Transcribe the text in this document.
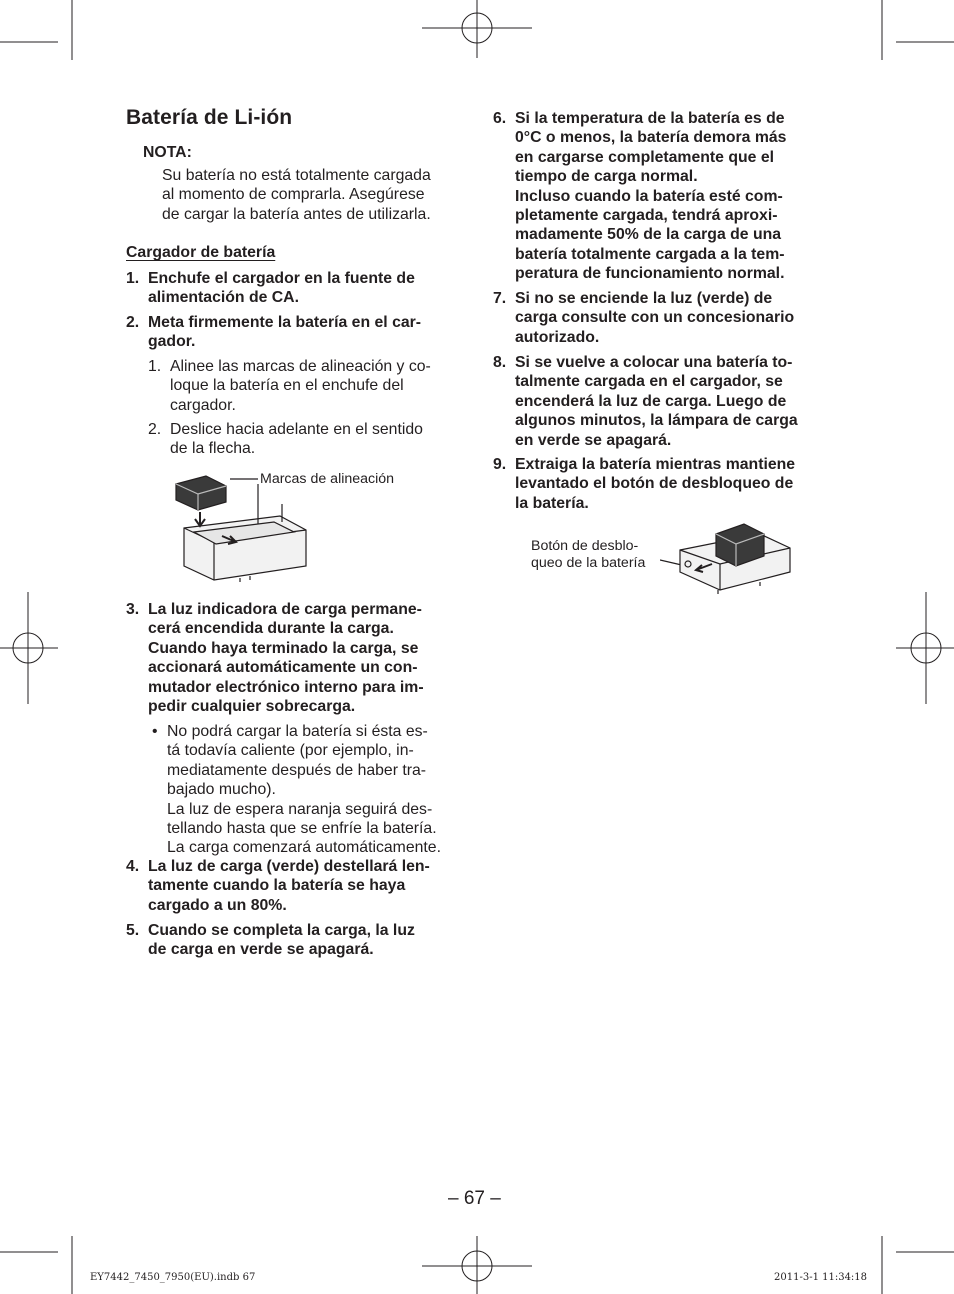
Batería de Li-ión
NOTA:
Su batería no está totalmente cargada
al momento de comprarla. Asegúrese
de cargar la batería antes de utilizarla.
Cargador de batería
1. Enchufe el cargador en la fuente de
alimentación de CA.
2. Meta firmemente la batería en el car-
gador.
1. Alinee las marcas de alineación y co-
loque la batería en el enchufe del
cargador.
2. Deslice hacia adelante en el sentido
de la flecha.
Marcas de alineación
3. La luz indicadora de carga permane-
cerá encendida durante la carga.
Cuando haya terminado la carga, se
accionará automáticamente un con-
mutador electrónico interno para im-
pedir cualquier sobrecarga.
• No podrá cargar la batería si ésta es-
tá todavía caliente (por ejemplo, in-
mediatamente después de haber tra-
bajado mucho).
La luz de espera naranja seguirá des-
tellando hasta que se enfríe la batería.
La carga comenzará automáticamente.
4. La luz de carga (verde) destellará len-
tamente cuando la batería se haya
cargado a un 80%.
5. Cuando se completa la carga, la luz
de carga en verde se apagará.
6. Si la temperatura de la batería es de
0°C o menos, la batería demora más
en cargarse completamente que el
tiempo de carga normal.
Incluso cuando la batería esté com-
pletamente cargada, tendrá aproxi-
madamente 50% de la carga de una
batería totalmente cargada a la tem-
peratura de funcionamiento normal.
7. Si no se enciende la luz (verde) de
carga consulte con un concesionario
autorizado.
8. Si se vuelve a colocar una batería to-
talmente cargada en el cargador, se
encenderá la luz de carga. Luego de
algunos minutos, la lámpara de carga
en verde se apagará.
9. Extraiga la batería mientras mantiene
levantado el botón de desbloqueo de
la batería.
Botón de desblo-
queo de la batería
– 67 –
EY7442_7450_7950(EU).indb 67	2011-3-1 11:34:18
